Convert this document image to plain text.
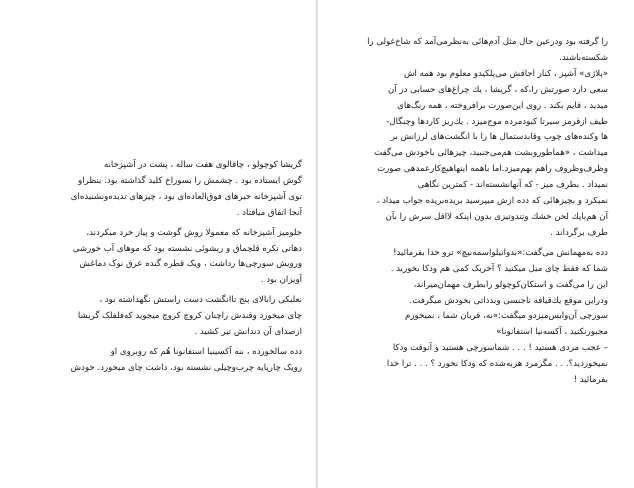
گریشا کوچولو ، چاقالوی هفت ساله ، پشت در آشپزخانه
گوش ایستاده بود . چشمش را بسوراخ کلید گذاشته بود. بنظراو
توی آشپزخانه خبرهای فوق‌العاده‌ای بود ، چیزهای ندیده‌ونشنیده‌ای
آنجا اتفاق میافتاد .

جلومیز آشپزخانه که معمولا روش گوشت و پیاز خرد میکردند،
دهاتی نکره قلچماق و ریشوئی نشسته بود که موهای آب خورشی
ورویش سورچی‌ها رداشت ، ویک قطره گنده عرق نوک دماغش
آویزان بود .

نعلبکی رابالای پنج تاانگشت دست راستش نگهداشته بود ،
چای میخورد وقندش راچنان کروچ کروچ میجوید که‌فلفلک گریشا
ازصدای آن دندانش تیر کشید .

دده سالخورده ، ننه آکسینیا استفانونا هُم که روبروی او
رویک چارپایه چرب‌وچیلی نشسته بود، داشت چای میخورد. خودش

را گرفته بود ودرعین حال مثل آدم‌هائی به‌نظرمی‌آمد که شاخ‌غولی را
شکسته‌باشند.

«پلاژی» آشپز ، کنار اجاقش می‌پلکیدو معلوم بود همه اش
سعی دارد صورتش را،که ، گریشا ، یك چراغ‌های حسابی در آن
میدید ، قایم بکند . روی این‌صورت برافروخته ، همه رنگ‌های
طیف ازقرمز سیرتا کبودمرده موج‌میزد . یك‌ریز کارد‌ها وچنگال-
ها وکنده‌های چوب وقابدستمال ها را با انگشت‌های لرزانش بر
میداشت ، «هماطوروبشت هم‌می‌جنبید، چیزهائی باخودش می‌گفت
وظرف‌وظروف راهم بهم‌میزد.اما باهمه اینهاهیچ‌کارعمدهی صورت
نمیداد . بطرف میز - که آنهانشسته‌اند - کمترین نگاهی
نمیکرد و بچیزهائی که دده ازش میپرسید بریده‌بریده جواب میداد ،
آن هم‌بایك لحن خشك وتندوتیزی بدون اینکه لااقل سرش را بآن
طرف برگرداند .

دده به‌مهمانش می‌گفت:«بدوانیلواسمه‌نیچ» ترو خدا بفرمائید!
شما که فقط چای میل میکنید ؟ آخریک کمی هم ودکا بخورید .

این را می‌گفت و استکان‌کوچولو رابطرف مهمان‌میراند،
ودراین موقع یك‌قیافه ناجنسی وبدذاتی بخودش میگرفت.

سورچی آن‌وابس‌میزدو میگفت:«نه، قربان شما ، نمیخورم
مجبورنکنید ، آکسه‌نیا استفانونا»

– عجب مردی هستید ! . . . شماسورچی هستید و آنوقت ودکا
نمیخوردید؟. . . مگرمرد هزبه‌شده که ودکا نخورد ؟ . . . ترا خدا
بفرمائید !
